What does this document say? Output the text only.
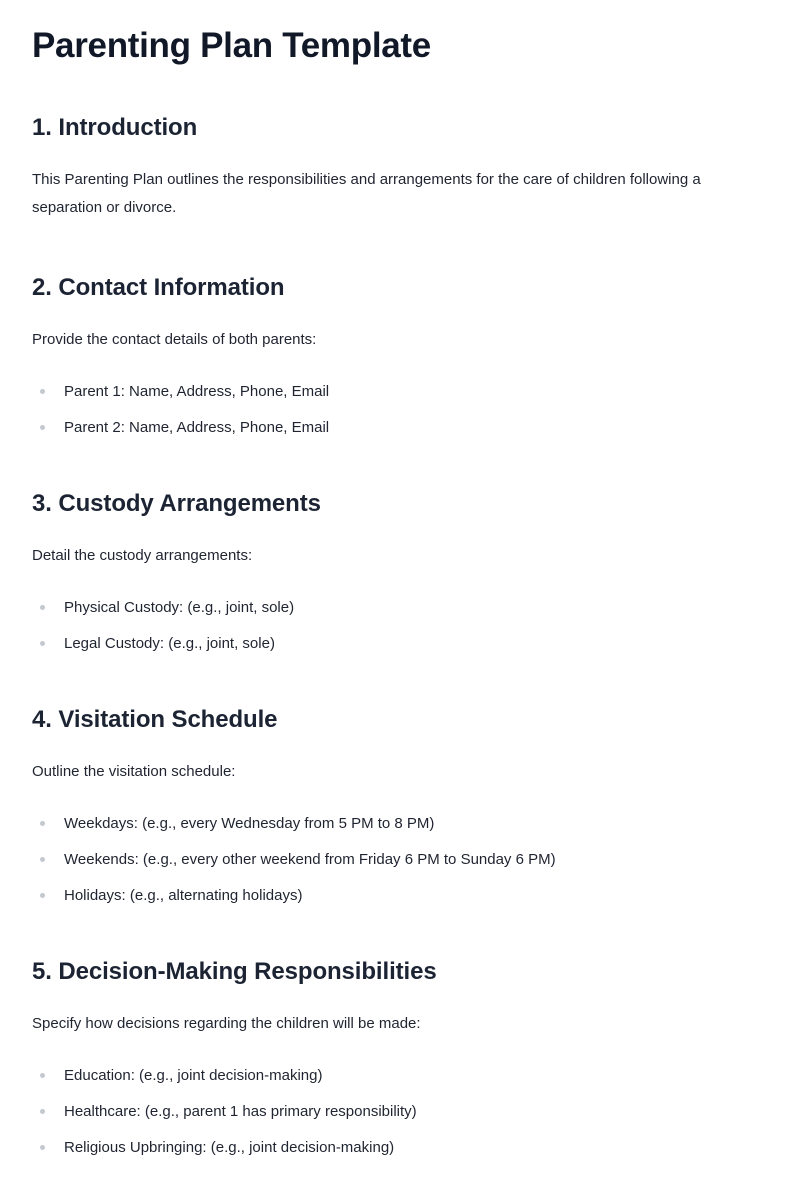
Parenting Plan Template
1. Introduction

This Parenting Plan outlines the responsibilities and arrangements for the care of children following a separation or divorce.

2. Contact Information

Provide the contact details of both parents:

Parent 1: Name, Address, Phone, Email
Parent 2: Name, Address, Phone, Email
3. Custody Arrangements

Detail the custody arrangements:

Physical Custody: (e.g., joint, sole)
Legal Custody: (e.g., joint, sole)
4. Visitation Schedule

Outline the visitation schedule:

Weekdays: (e.g., every Wednesday from 5 PM to 8 PM)
Weekends: (e.g., every other weekend from Friday 6 PM to Sunday 6 PM)
Holidays: (e.g., alternating holidays)
5. Decision-Making Responsibilities

Specify how decisions regarding the children will be made:

Education: (e.g., joint decision-making)
Healthcare: (e.g., parent 1 has primary responsibility)
Religious Upbringing: (e.g., joint decision-making)
